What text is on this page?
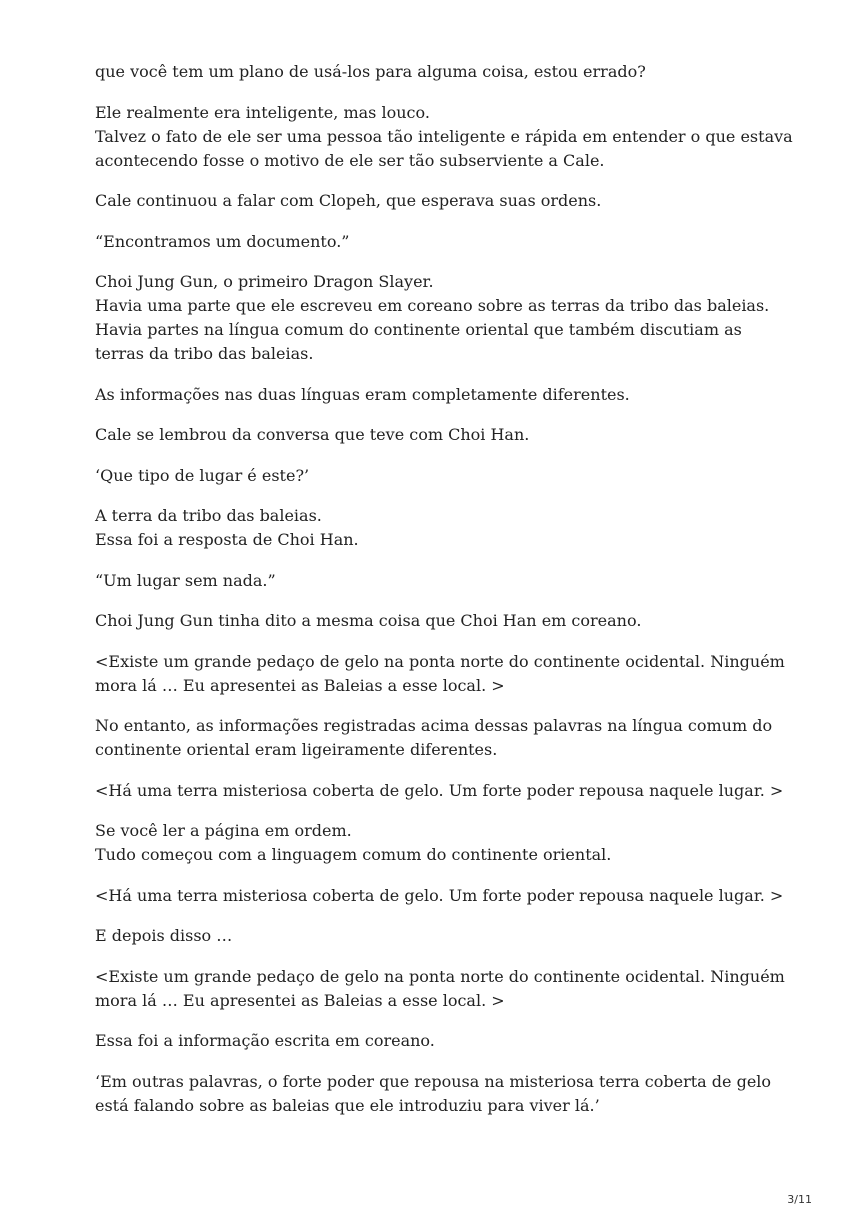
que você tem um plano de usá-los para alguma coisa, estou errado?

Ele realmente era inteligente, mas louco.
Talvez o fato de ele ser uma pessoa tão inteligente e rápida em entender o que estava acontecendo fosse o motivo de ele ser tão subserviente a Cale.

Cale continuou a falar com Clopeh, que esperava suas ordens.

“Encontramos um documento.”

Choi Jung Gun, o primeiro Dragon Slayer.
Havia uma parte que ele escreveu em coreano sobre as terras da tribo das baleias.
Havia partes na língua comum do continente oriental que também discutiam as terras da tribo das baleias.

As informações nas duas línguas eram completamente diferentes.

Cale se lembrou da conversa que teve com Choi Han.

‘Que tipo de lugar é este?’

A terra da tribo das baleias.
Essa foi a resposta de Choi Han.

“Um lugar sem nada.”

Choi Jung Gun tinha dito a mesma coisa que Choi Han em coreano.

<Existe um grande pedaço de gelo na ponta norte do continente ocidental. Ninguém mora lá … Eu apresentei as Baleias a esse local. >

No entanto, as informações registradas acima dessas palavras na língua comum do continente oriental eram ligeiramente diferentes.

<Há uma terra misteriosa coberta de gelo. Um forte poder repousa naquele lugar. >

Se você ler a página em ordem.
Tudo começou com a linguagem comum do continente oriental.

<Há uma terra misteriosa coberta de gelo. Um forte poder repousa naquele lugar. >

E depois disso …

<Existe um grande pedaço de gelo na ponta norte do continente ocidental. Ninguém mora lá … Eu apresentei as Baleias a esse local. >

Essa foi a informação escrita em coreano.

‘Em outras palavras, o forte poder que repousa na misteriosa terra coberta de gelo está falando sobre as baleias que ele introduziu para viver lá.’

3/11
